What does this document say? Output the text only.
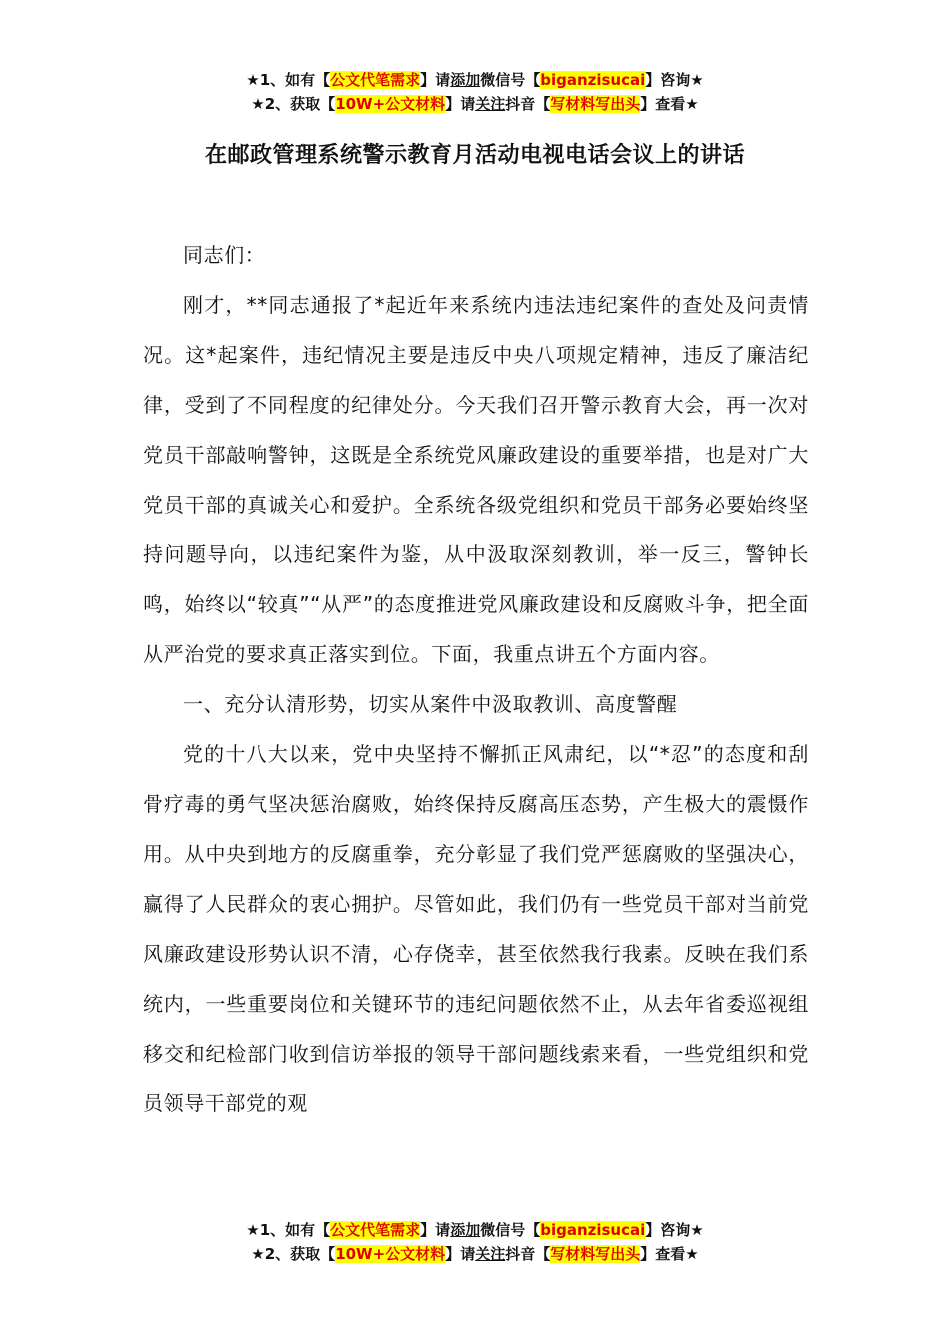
★1、如有【公文代笔需求】请添加微信号【biganzisucai】咨询★
★2、获取【10W+公文材料】请关注抖音【写材料写出头】查看★
在邮政管理系统警示教育月活动电视电话会议上的讲话

同志们：

刚才，**同志通报了*起近年来系统内违法违纪案件的查处及问责情况。这*起案件，违纪情况主要是违反中央八项规定精神，违反了廉洁纪律，受到了不同程度的纪律处分。今天我们召开警示教育大会，再一次对党员干部敲响警钟，这既是全系统党风廉政建设的重要举措，也是对广大党员干部的真诚关心和爱护。全系统各级党组织和党员干部务必要始终坚持问题导向，以违纪案件为鉴，从中汲取深刻教训，举一反三，警钟长鸣，始终以“较真”“从严”的态度推进党风廉政建设和反腐败斗争，把全面从严治党的要求真正落实到位。下面，我重点讲五个方面内容。

一、充分认清形势，切实从案件中汲取教训、高度警醒

党的十八大以来，党中央坚持不懈抓正风肃纪，以“*忍”的态度和刮骨疗毒的勇气坚决惩治腐败，始终保持反腐高压态势，产生极大的震慑作用。从中央到地方的反腐重拳，充分彰显了我们党严惩腐败的坚强决心，赢得了人民群众的衷心拥护。尽管如此，我们仍有一些党员干部对当前党风廉政建设形势认识不清，心存侥幸，甚至依然我行我素。反映在我们系统内，一些重要岗位和关键环节的违纪问题依然不止，从去年省委巡视组移交和纪检部门收到信访举报的领导干部问题线索来看，一些党组织和党员领导干部党的观

★1、如有【公文代笔需求】请添加微信号【biganzisucai】咨询★
★2、获取【10W+公文材料】请关注抖音【写材料写出头】查看★
